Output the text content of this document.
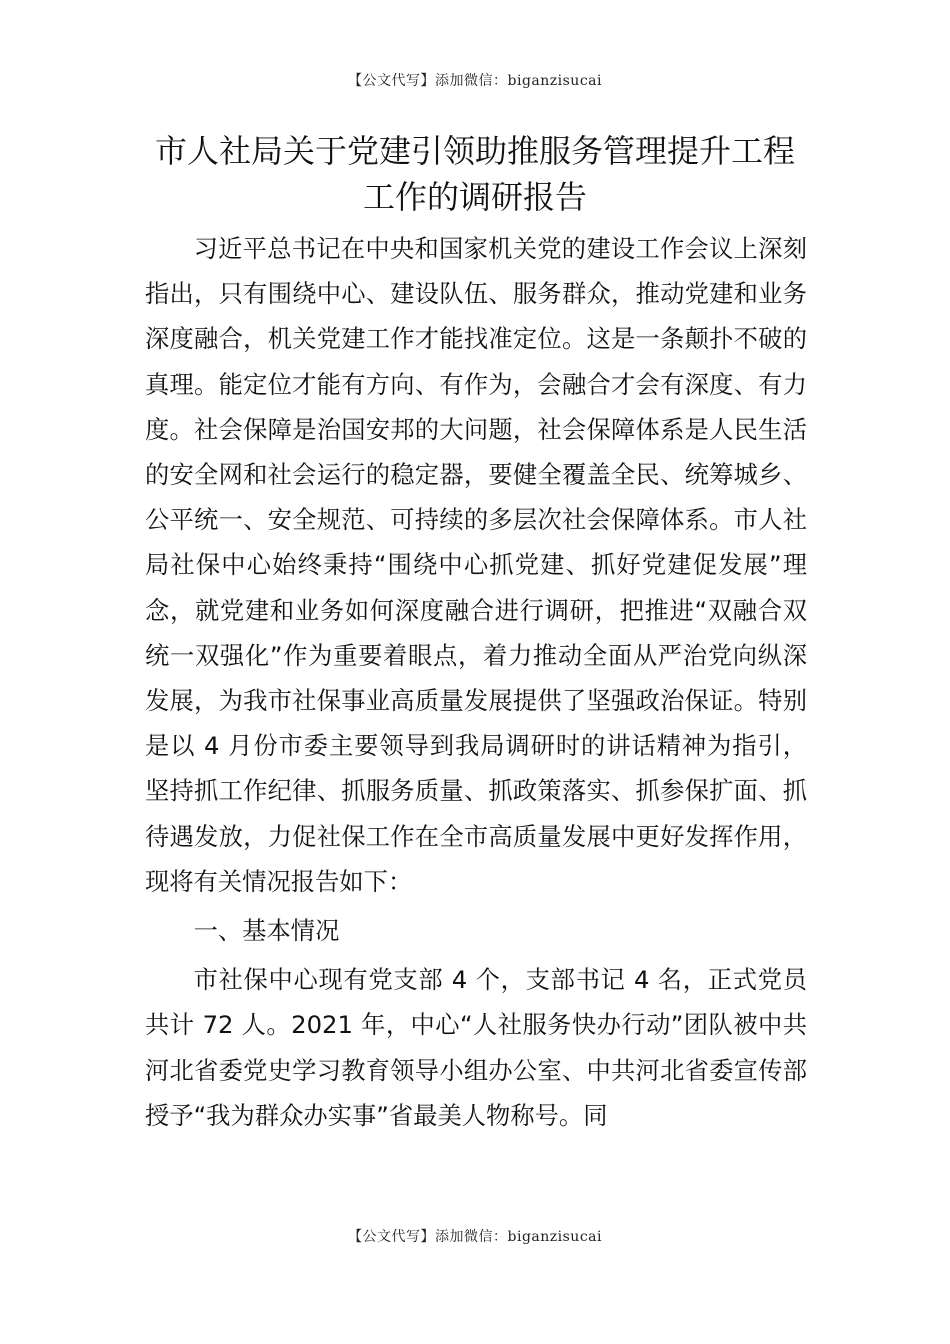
【公文代写】添加微信：biganzisucai
市人社局关于党建引领助推服务管理提升工程工作的调研报告

习近平总书记在中央和国家机关党的建设工作会议上深刻指出，只有围绕中心、建设队伍、服务群众，推动党建和业务深度融合，机关党建工作才能找准定位。这是一条颠扑不破的真理。能定位才能有方向、有作为，会融合才会有深度、有力度。社会保障是治国安邦的大问题，社会保障体系是人民生活的安全网和社会运行的稳定器，要健全覆盖全民、统筹城乡、公平统一、安全规范、可持续的多层次社会保障体系。市人社局社保中心始终秉持“围绕中心抓党建、抓好党建促发展”理念，就党建和业务如何深度融合进行调研，把推进“双融合双统一双强化”作为重要着眼点，着力推动全面从严治党向纵深发展，为我市社保事业高质量发展提供了坚强政治保证。特别是以 4 月份市委主要领导到我局调研时的讲话精神为指引，坚持抓工作纪律、抓服务质量、抓政策落实、抓参保扩面、抓待遇发放，力促社保工作在全市高质量发展中更好发挥作用，现将有关情况报告如下：

一、基本情况

市社保中心现有党支部 4 个，支部书记 4 名，正式党员共计 72 人。2021 年，中心“人社服务快办行动”团队被中共河北省委党史学习教育领导小组办公室、中共河北省委宣传部授予“我为群众办实事”省最美人物称号。同

【公文代写】添加微信：biganzisucai
